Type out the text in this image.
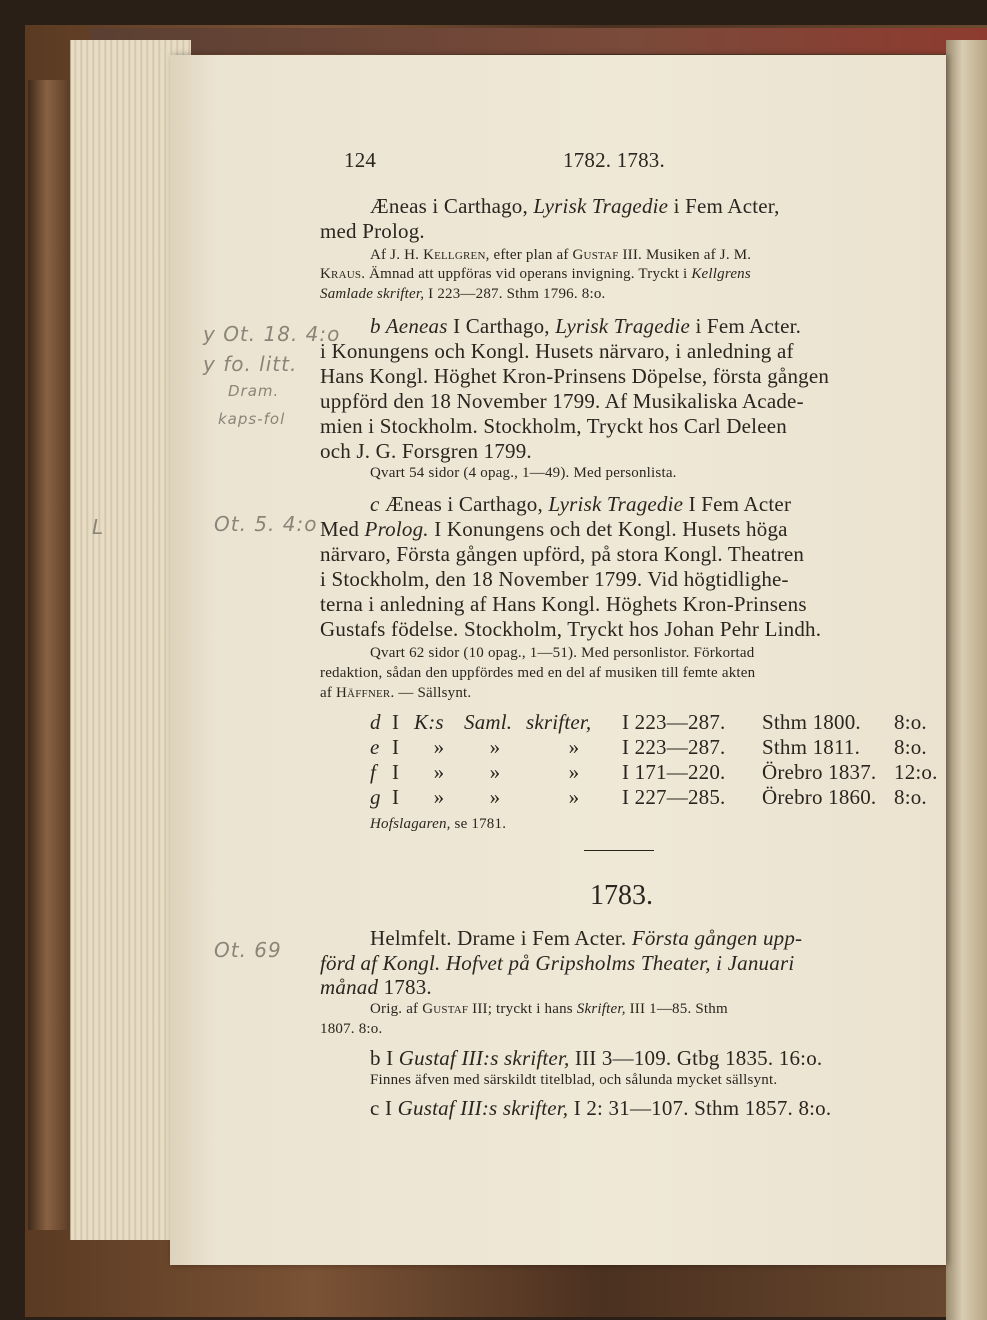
124	1782. 1783.
Æneas i Carthago, Lyrisk Tragedie i Fem Acter,
med Prolog.
Af J. H. Kellgren, efter plan af Gustaf III. Musiken af J. M.
Kraus. Ämnad att uppföras vid operans invigning. Tryckt i Kellgrens
Samlade skrifter, I 223—287. Sthm 1796. 8:o.
b Aeneas I Carthago, Lyrisk Tragedie i Fem Acter.
i Konungens och Kongl. Husets närvaro, i anledning af
Hans Kongl. Höghet Kron-Prinsens Döpelse, första gången
uppförd den 18 November 1799. Af Musikaliska Acade-
mien i Stockholm. Stockholm, Tryckt hos Carl Deleen
och J. G. Forsgren 1799.
Qvart 54 sidor (4 opag., 1—49). Med personlista.
c Æneas i Carthago, Lyrisk Tragedie I Fem Acter
Med Prolog. I Konungens och det Kongl. Husets höga
närvaro, Första gången upförd, på stora Kongl. Theatren
i Stockholm, den 18 November 1799. Vid högtidlighe-
terna i anledning af Hans Kongl. Höghets Kron-Prinsens
Gustafs födelse. Stockholm, Tryckt hos Johan Pehr Lindh.
Qvart 62 sidor (10 opag., 1—51). Med personlistor. Förkortad
redaktion, sådan den uppfördes med en del af musiken till femte akten
af Häffner. — Sällsynt.
d I K:s Saml. skrifter, I 223—287. Sthm 1800. 8:o.
e I » »	» I 223—287. Sthm 1811. 8:o.
f I » »	» I 171—220. Örebro 1837. 12:o.
g I » »	» I 227—285. Örebro 1860. 8:o.
Hofslagaren, se 1781.
1783.
Helmfelt. Drame i Fem Acter. Första gången upp-
förd af Kongl. Hofvet på Gripsholms Theater, i Januari
månad 1783.
Orig. af Gustaf III; tryckt i hans Skrifter, III 1—85. Sthm
1807. 8:o.
b I Gustaf III:s skrifter, III 3—109. Gtbg 1835. 16:o.
Finnes äfven med särskildt titelblad, och sålunda mycket sällsynt.
c I Gustaf III:s skrifter, I 2: 31—107. Sthm 1857. 8:o.
y Ot. 18. 4:o
y fo. litt.
Dram.
kaps-fol
Ot. 5. 4:o
L
Ot. 69
